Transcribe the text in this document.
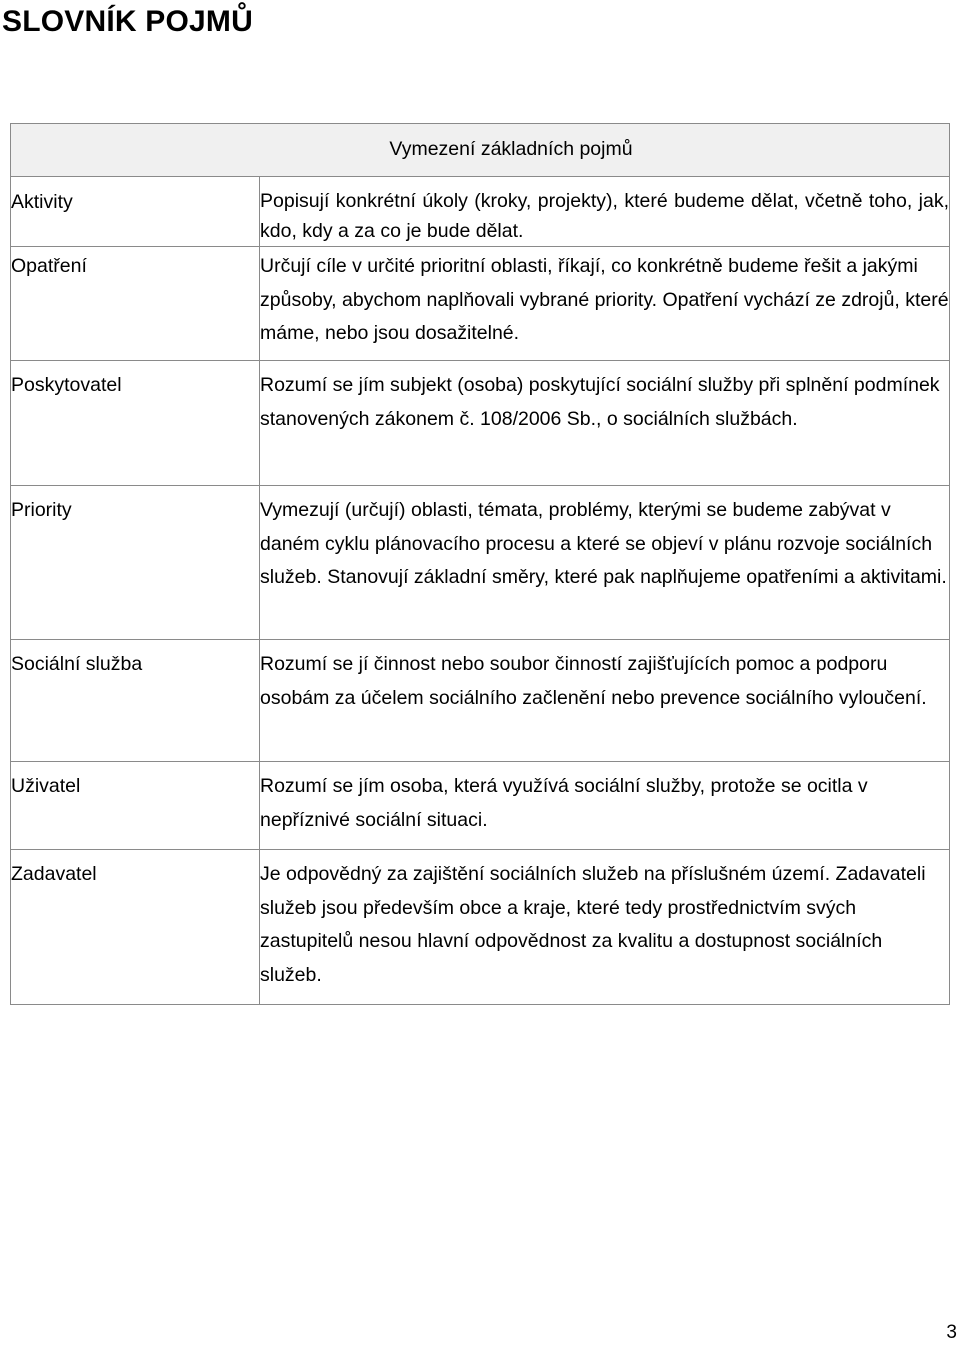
SLOVNÍK POJMŮ
Vymezení základních pojmů	
Aktivity	Popisují konkrétní úkoly (kroky, projekty), které budeme dělat, včetně toho, jak, kdo, kdy a za co je bude dělat.
Opatření	Určují cíle v určité prioritní oblasti, říkají, co konkrétně budeme řešit a jakými způsoby, abychom naplňovali vybrané priority. Opatření vychází ze zdrojů, které máme, nebo jsou dosažitelné.
Poskytovatel	Rozumí se jím subjekt (osoba) poskytující sociální služby při splnění podmínek stanovených zákonem č. 108/2006 Sb., o sociálních službách.
Priority	Vymezují (určují) oblasti, témata, problémy, kterými se budeme zabývat v daném cyklu plánovacího procesu a které se objeví v plánu rozvoje sociálních služeb. Stanovují základní směry, které pak naplňujeme opatřeními a aktivitami.
Sociální služba	Rozumí se jí činnost nebo soubor činností zajišťujících pomoc a podporu osobám za účelem sociálního začlenění nebo prevence sociálního vyloučení.
Uživatel	Rozumí se jím osoba, která využívá sociální služby, protože se ocitla v nepříznivé sociální situaci.
Zadavatel	Je odpovědný za zajištění sociálních služeb na příslušném území. Zadavateli služeb jsou především obce a kraje, které tedy prostřednictvím svých zastupitelů nesou hlavní odpovědnost za kvalitu a dostupnost sociálních služeb.
3
